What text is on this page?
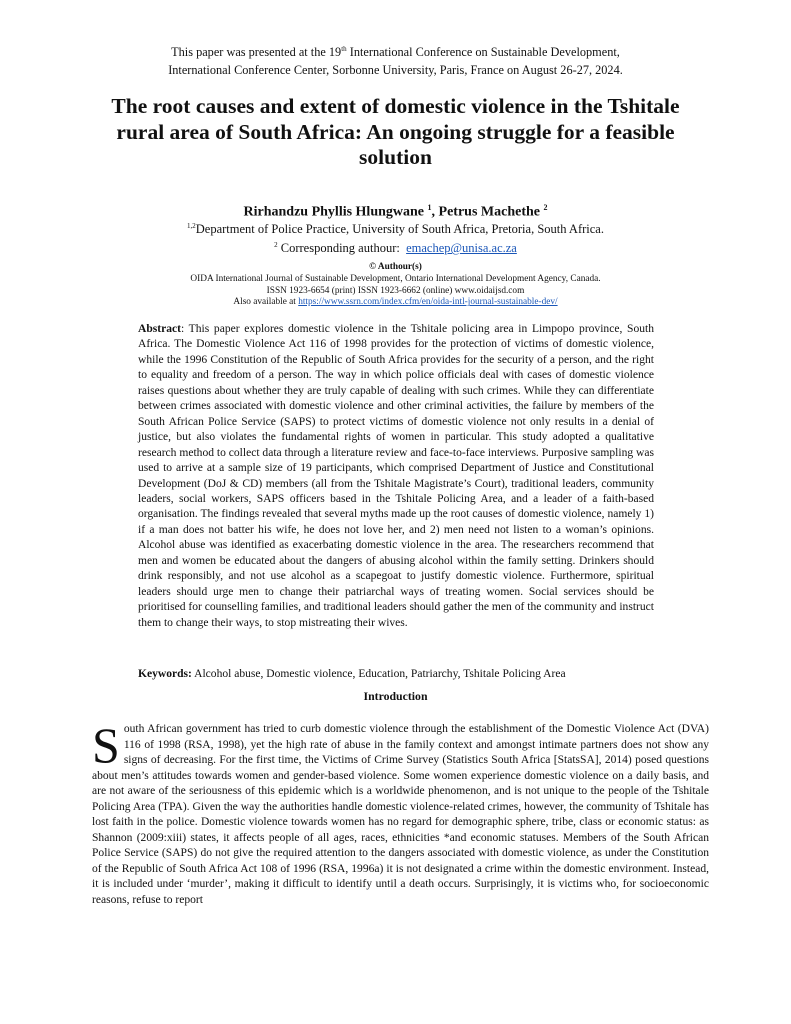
This paper was presented at the 19th International Conference on Sustainable Development,
International Conference Center, Sorbonne University, Paris, France on August 26-27, 2024.
The root causes and extent of domestic violence in the Tshitale rural area of South Africa: An ongoing struggle for a feasible solution
Rirhandzu Phyllis Hlungwane $^1$, Petrus Machethe $^2$
$^{1,2}$Department of Police Practice, University of South Africa, Pretoria, South Africa.
$^2$ Corresponding authour: emachep@unisa.ac.za
© Authour(s)
OIDA International Journal of Sustainable Development, Ontario International Development Agency, Canada.
ISSN 1923-6654 (print) ISSN 1923-6662 (online) www.oidaijsd.com
Also available at https://www.ssrn.com/index.cfm/en/oida-intl-journal-sustainable-dev/

Abstract: This paper explores domestic violence in the Tshitale policing area in Limpopo province, South Africa. The Domestic Violence Act 116 of 1998 provides for the protection of victims of domestic violence, while the 1996 Constitution of the Republic of South Africa provides for the security of a person, and the right to equality and freedom of a person. The way in which police officials deal with cases of domestic violence raises questions about whether they are truly capable of dealing with such crimes. While they can differentiate between crimes associated with domestic violence and other criminal activities, the failure by members of the South African Police Service (SAPS) to protect victims of domestic violence not only results in a denial of justice, but also violates the fundamental rights of women in particular. This study adopted a qualitative research method to collect data through a literature review and face-to-face interviews. Purposive sampling was used to arrive at a sample size of 19 participants, which comprised Department of Justice and Constitutional Development (DoJ & CD) members (all from the Tshitale Magistrate’s Court), traditional leaders, community leaders, social workers, SAPS officers based in the Tshitale Policing Area, and a leader of a faith-based organisation. The findings revealed that several myths made up the root causes of domestic violence, namely 1) if a man does not batter his wife, he does not love her, and 2) men need not listen to a woman’s opinions. Alcohol abuse was identified as exacerbating domestic violence in the area. The researchers recommend that men and women be educated about the dangers of abusing alcohol within the family setting. Drinkers should drink responsibly, and not use alcohol as a scapegoat to justify domestic violence. Furthermore, spiritual leaders should urge men to change their patriarchal ways of treating women. Social services should be prioritised for counselling families, and traditional leaders should gather the men of the community and instruct them to change their ways, to stop mistreating their wives.

Keywords: Alcohol abuse, Domestic violence, Education, Patriarchy, Tshitale Policing Area

Introduction

South African government has tried to curb domestic violence through the establishment of the Domestic Violence Act (DVA) 116 of 1998 (RSA, 1998), yet the high rate of abuse in the family context and amongst intimate partners does not show any signs of decreasing. For the first time, the Victims of Crime Survey (Statistics South Africa [StatsSA], 2014) posed questions about men’s attitudes towards women and gender-based violence. Some women experience domestic violence on a daily basis, and are not aware of the seriousness of this epidemic which is a worldwide phenomenon, and is not unique to the people of the Tshitale Policing Area (TPA). Given the way the authorities handle domestic violence-related crimes, however, the community of Tshitale has lost faith in the police. Domestic violence towards women has no regard for demographic sphere, tribe, class or economic status: as Shannon (2009:xiii) states, it affects people of all ages, races, ethnicities *and economic statuses. Members of the South African Police Service (SAPS) do not give the required attention to the dangers associated with domestic violence, as under the Constitution of the Republic of South Africa Act 108 of 1996 (RSA, 1996a) it is not designated a crime within the domestic environment. Instead, it is included under ‘murder’, making it difficult to identify until a death occurs. Surprisingly, it is victims who, for socioeconomic reasons, refuse to report
